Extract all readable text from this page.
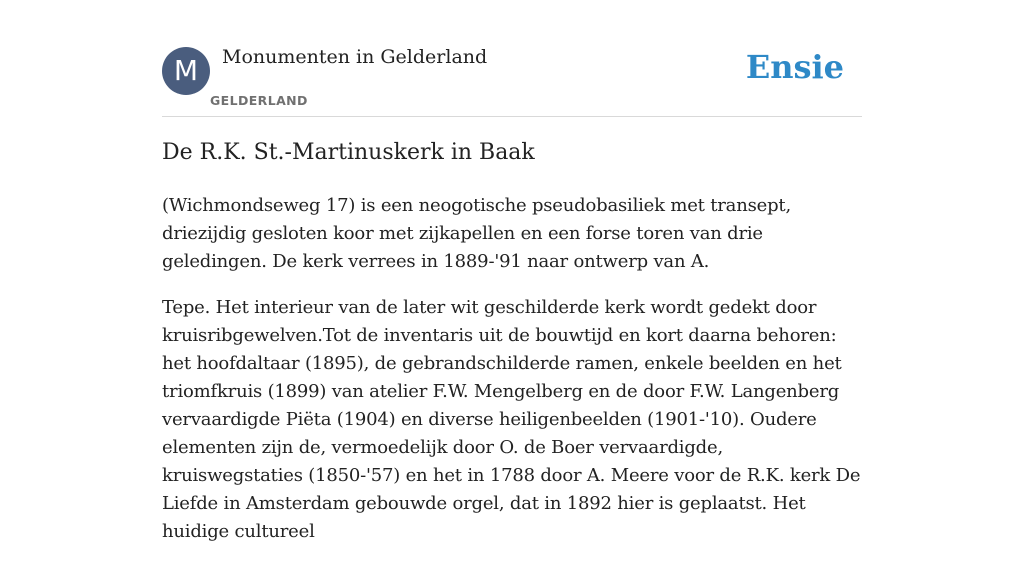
M	Monumenten in Gelderland
GELDERLAND
Ensie
De R.K. St.-Martinuskerk in Baak

(Wichmondseweg 17) is een neogotische pseudobasiliek met transept, driezijdig gesloten koor met zijkapellen en een forse toren van drie geledingen. De kerk verrees in 1889-'91 naar ontwerp van A.

Tepe. Het interieur van de later wit geschilderde kerk wordt gedekt door kruisribgewelven.Tot de inventaris uit de bouwtijd en kort daarna behoren: het hoofdaltaar (1895), de gebrandschilderde ramen, enkele beelden en het triomfkruis (1899) van atelier F.W. Mengelberg en de door F.W. Langenberg vervaardigde Piëta (1904) en diverse heiligenbeelden (1901-'10). Oudere elementen zijn de, vermoedelijk door O. de Boer vervaardigde, kruiswegstaties (1850-'57) en het in 1788 door A. Meere voor de R.K. kerk De Liefde in Amsterdam gebouwde orgel, dat in 1892 hier is geplaatst. Het huidige cultureel
